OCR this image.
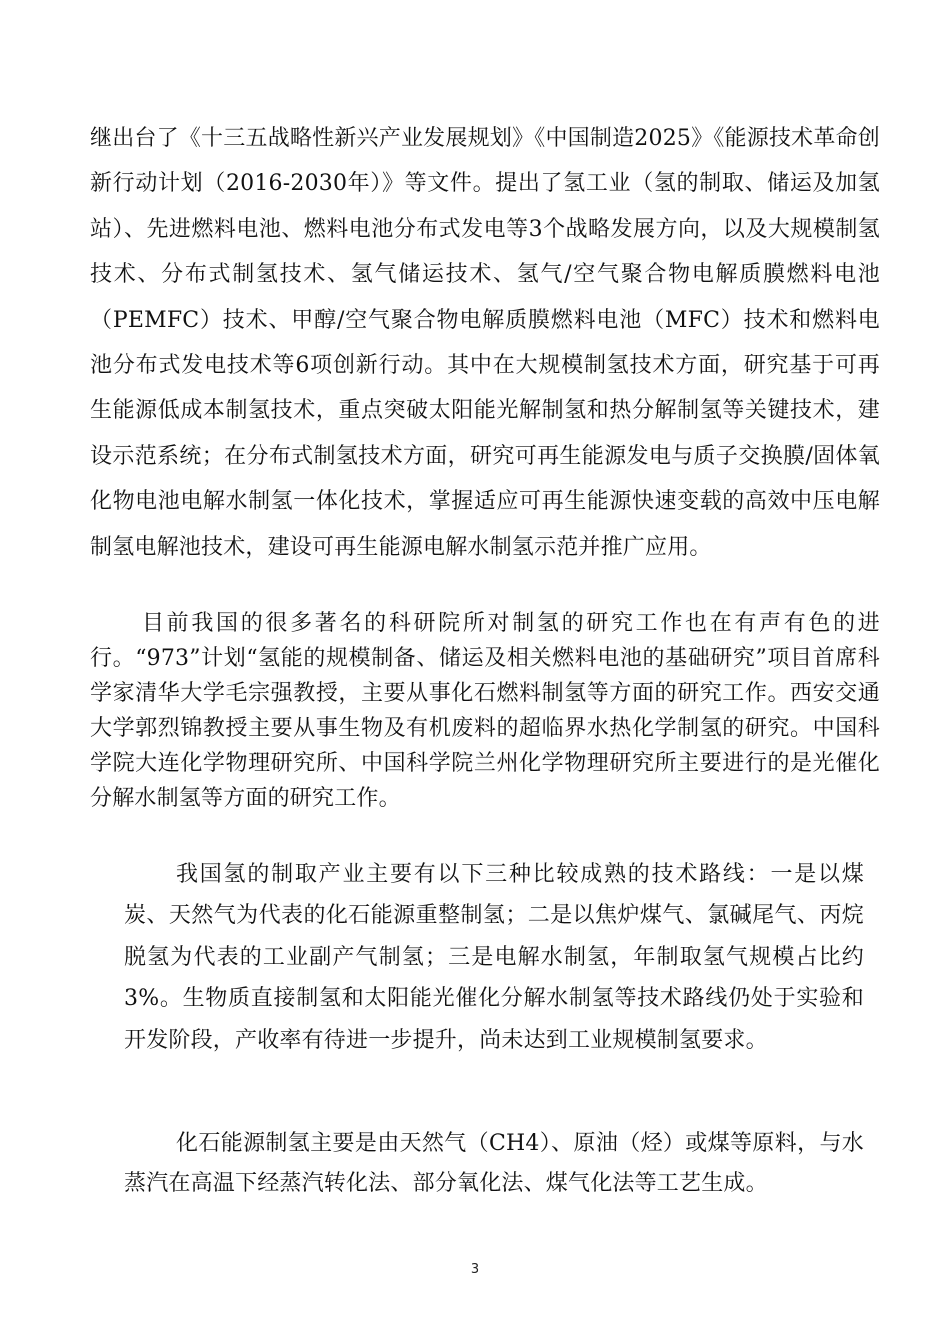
继出台了《十三五战略性新兴产业发展规划》《中国制造2025》《能源技术革命创新行动计划（2016-2030年）》等文件。提出了氢工业（氢的制取、储运及加氢站）、先进燃料电池、燃料电池分布式发电等3个战略发展方向，以及大规模制氢技术、分布式制氢技术、氢气储运技术、氢气/空气聚合物电解质膜燃料电池（PEMFC）技术、甲醇/空气聚合物电解质膜燃料电池（MFC）技术和燃料电池分布式发电技术等6项创新行动。其中在大规模制氢技术方面，研究基于可再生能源低成本制氢技术，重点突破太阳能光解制氢和热分解制氢等关键技术，建设示范系统；在分布式制氢技术方面，研究可再生能源发电与质子交换膜/固体氧化物电池电解水制氢一体化技术，掌握适应可再生能源快速变载的高效中压电解制氢电解池技术，建设可再生能源电解水制氢示范并推广应用。

目前我国的很多著名的科研院所对制氢的研究工作也在有声有色的进行。“973”计划“氢能的规模制备、储运及相关燃料电池的基础研究”项目首席科学家清华大学毛宗强教授，主要从事化石燃料制氢等方面的研究工作。西安交通大学郭烈锦教授主要从事生物及有机废料的超临界水热化学制氢的研究。中国科学院大连化学物理研究所、中国科学院兰州化学物理研究所主要进行的是光催化分解水制氢等方面的研究工作。

我国氢的制取产业主要有以下三种比较成熟的技术路线：一是以煤炭、天然气为代表的化石能源重整制氢；二是以焦炉煤气、氯碱尾气、丙烷脱氢为代表的工业副产气制氢；三是电解水制氢，年制取氢气规模占比约3%。生物质直接制氢和太阳能光催化分解水制氢等技术路线仍处于实验和开发阶段，产收率有待进一步提升，尚未达到工业规模制氢要求。

化石能源制氢主要是由天然气（CH4）、原油（烃）或煤等原料，与水蒸汽在高温下经蒸汽转化法、部分氧化法、煤气化法等工艺生成。

3
